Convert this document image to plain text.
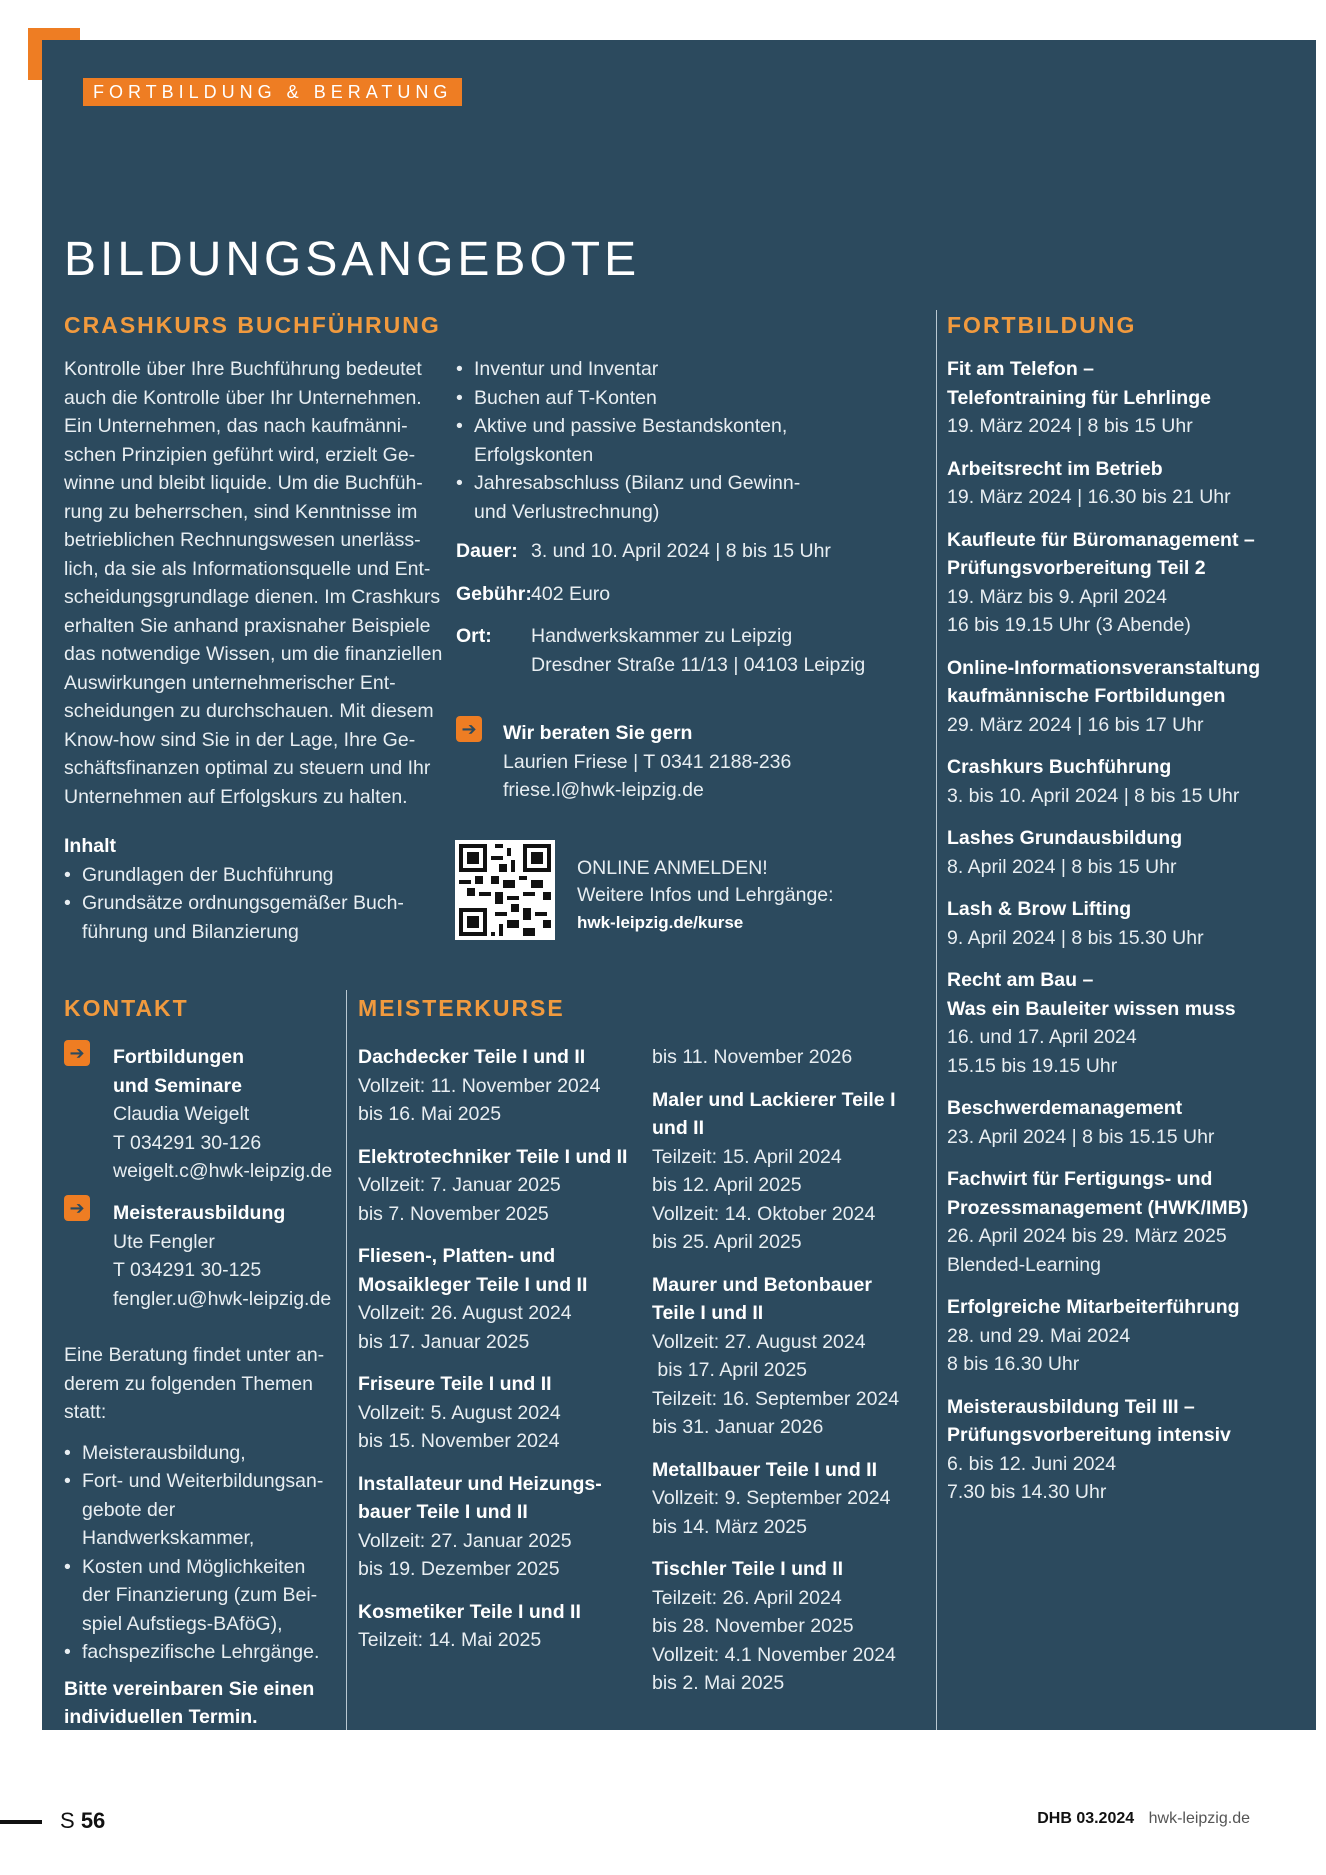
FORTBILDUNG & BERATUNG
BILDUNGSANGEBOTE
CRASHKURS BUCHFÜHRUNG
Kontrolle über Ihre Buchführung bedeutet
auch die Kontrolle über Ihr Unternehmen.
Ein Unternehmen, das nach kaufmänni-
schen Prinzipien geführt wird, erzielt Ge-
winne und bleibt liquide. Um die Buchfüh-
rung zu beherrschen, sind Kenntnisse im
betrieblichen Rechnungswesen unerläss-
lich, da sie als Informationsquelle und Ent-
scheidungsgrundlage dienen. Im Crashkurs
erhalten Sie anhand praxisnaher Beispiele
das notwendige Wissen, um die finanziellen
Auswirkungen unternehmerischer Ent-
scheidungen zu durchschauen. Mit diesem
Know-how sind Sie in der Lage, Ihre Ge-
schäftsfinanzen optimal zu steuern und Ihr
Unternehmen auf Erfolgskurs zu halten.
Inhalt
• Grundlagen der Buchführung
• Grundsätze ordnungsgemäßer Buch-
führung und Bilanzierung
• Inventur und Inventar
• Buchen auf T-Konten
• Aktive und passive Bestandskonten,
Erfolgskonten
• Jahresabschluss (Bilanz und Gewinn-
und Verlustrechnung)
Dauer: 3. und 10. April 2024 | 8 bis 15 Uhr
Gebühr: 402 Euro
Ort:	Handwerkskammer zu Leipzig
Dresdner Straße 11/13 | 04103 Leipzig
➔ Wir beraten Sie gern
Laurien Friese | T 0341 2188-236
friese.l@hwk-leipzig.de
ONLINE ANMELDEN!
Weitere Infos und Lehrgänge:
hwk-leipzig.de/kurse
KONTAKT
➔
➔
Fortbildungen
und Seminare
Claudia Weigelt
T 034291 30-126
weigelt.c@hwk-leipzig.de
Meisterausbildung
Ute Fengler
T 034291 30-125
fengler.u@hwk-leipzig.de
Eine Beratung findet unter an-
derem zu folgenden Themen
statt:
• Meisterausbildung,
• Fort- und Weiterbildungsan-
gebote der Handwerkskammer,
• Kosten und Möglichkeiten
der Finanzierung (zum Bei-
spiel Aufstiegs-BAföG),
• fachspezifische Lehrgänge.
Bitte vereinbaren Sie einen
individuellen Termin.
MEISTERKURSE
Dachdecker Teile I und II
Vollzeit: 11. November 2024
bis 16. Mai 2025
Elektrotechniker Teile I und II
Vollzeit: 7. Januar 2025
bis 7. November 2025
Fliesen-, Platten- und
Mosaikleger Teile I und II
Vollzeit: 26. August 2024
bis 17. Januar 2025
Friseure Teile I und II
Vollzeit: 5. August 2024
bis 15. November 2024
Installateur und Heizungs-
bauer Teile I und II
Vollzeit: 27. Januar 2025
bis 19. Dezember 2025
Kosmetiker Teile I und II
Teilzeit: 14. Mai 2025
bis 11. November 2026
Maler und Lackierer Teile I und II
Teilzeit: 15. April 2024
bis 12. April 2025
Vollzeit: 14. Oktober 2024
bis 25. April 2025
Maurer und Betonbauer
Teile I und II
Vollzeit: 27. August 2024
bis 17. April 2025
Teilzeit: 16. September 2024
bis 31. Januar 2026
Metallbauer Teile I und II
Vollzeit: 9. September 2024
bis 14. März 2025
Tischler Teile I und II
Teilzeit: 26. April 2024
bis 28. November 2025
Vollzeit: 4.1 November 2024
bis 2. Mai 2025
FORTBILDUNG
Fit am Telefon –
Telefontraining für Lehrlinge
19. März 2024 | 8 bis 15 Uhr
Arbeitsrecht im Betrieb
19. März 2024 | 16.30 bis 21 Uhr
Kaufleute für Büromanagement –
Prüfungsvorbereitung Teil 2
19. März bis 9. April 2024
16 bis 19.15 Uhr (3 Abende)
Online-Informationsveranstaltung
kaufmännische Fortbildungen
29. März 2024 | 16 bis 17 Uhr
Crashkurs Buchführung
3. bis 10. April 2024 | 8 bis 15 Uhr
Lashes Grundausbildung
8. April 2024 | 8 bis 15 Uhr
Lash & Brow Lifting
9. April 2024 | 8 bis 15.30 Uhr
Recht am Bau –
Was ein Bauleiter wissen muss
16. und 17. April 2024
15.15 bis 19.15 Uhr
Beschwerdemanagement
23. April 2024 | 8 bis 15.15 Uhr
Fachwirt für Fertigungs- und
Prozessmanagement (HWK/IMB)
26. April 2024 bis 29. März 2025
Blended-Learning
Erfolgreiche Mitarbeiterführung
28. und 29. Mai 2024
8 bis 16.30 Uhr
Meisterausbildung Teil III –
Prüfungsvorbereitung intensiv
6. bis 12. Juni 2024
7.30 bis 14.30 Uhr
S 56	DHB 03.2024 hwk-leipzig.de
